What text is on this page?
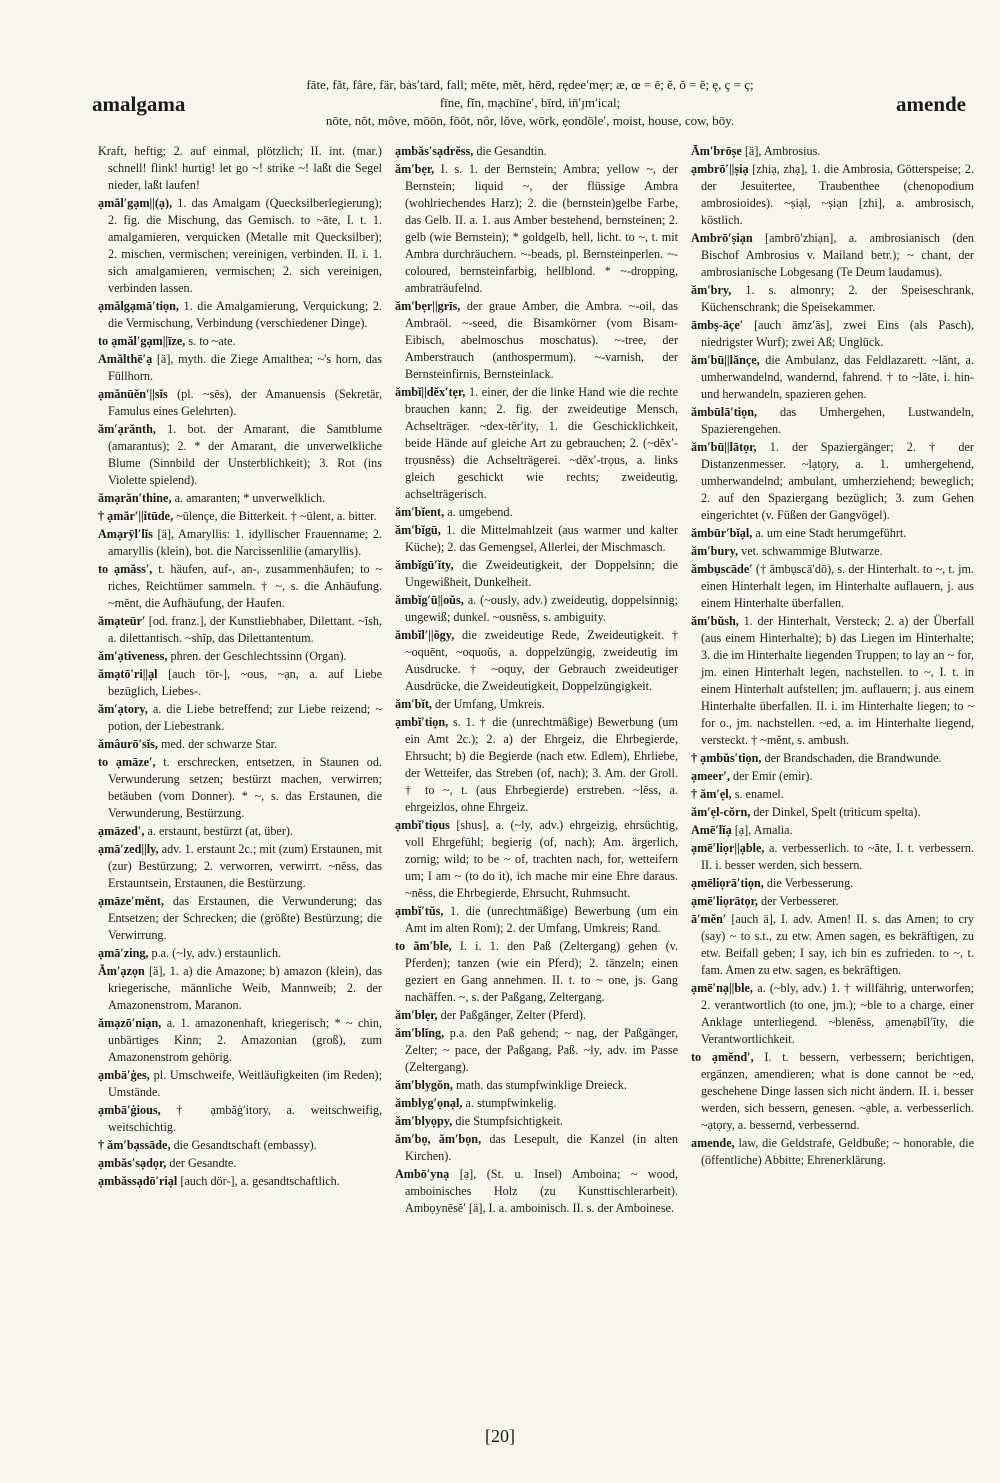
amalgama
fāte, făt, fâre, fär, bȧs′tard, fall; mēte, mĕt, hērd, rędee′mẹr; æ, œ = ē; ĕ, ŏ = ĕ; ę, ç = ç;
fīne, fĭn, mạchīne′, bīrd, in̄′ȷm′ical;
nōte, nŏt, môve, mōōn, fōōt, nôr, lŏve, wōrk, ẹondōle′, moist, house, cow, bōy.
amende
Kraft, heftig; 2. auf einmal, plötzlich; II. int. (mar.) schnell! flink! hurtig! let go ~! strike ~! laßt die Segel nieder, laßt laufen!
ạmăl′gạm||(ạ), 1. das Amalgam (Quecksilberlegierung); 2. fig. die Mischung, das Gemisch. to ~āte, I. t. 1. amalgamieren, verquicken (Metalle mit Quecksilber); 2. mischen, vermischen; vereinigen, verbinden. II. i. 1. sich amalgamieren, vermischen; 2. sich vereinigen, verbinden lassen.
ạmălgạmā′tiọn, 1. die Amalgamierung, Verquickung; 2. die Vermischung, Verbindung (verschiedener Dinge).
to ạmăl′gạm||īze, s. to ~ate.
Amălthē′ạ [ä], myth. die Ziege Amalthea; ~'s horn, das Füllhorn.
ạmănūĕn′||sĭs (pl. ~sēs), der Amanuensis (Sekretär, Famulus eines Gelehrten).
ăm′ạrănth, 1. bot. der Amarant, die Samtblume (amarantus); 2. * der Amarant, die unverwelkliche Blume (Sinnbild der Unsterblichkeit); 3. Rot (ins Violette spielend).
ămạrăn′thine, a. amaranten; * unverwelklich.
† ạmăr′||itūde, ~ūlençe, die Bitterkeit. † ~ūlent, a. bitter.
Amạrȳl′lĭs [ä], Amaryllis: 1. idyllischer Frauenname; 2. amaryllis (klein), bot. die Narcissenlilie (amaryllis).
to ạmăss′, t. häufen, auf-, an-, zusammenhäufen; to ~ riches, Reichtümer sammeln. † ~, s. die Anhäufung. ~mĕnt, die Aufhäufung, der Haufen.
ămạteūr′ [od. franz.], der Kunstliebhaber, Dilettant. ~ĭsh, a. dilettantisch. ~shĭp, das Dilettantentum.
ăm′ạtiveness, phren. der Geschlechtssinn (Organ).
ămạtō′ri||ạl [auch tör-], ~ous, ~ạn, a. auf Liebe bezüglich, Liebes-.
ăm′ạtory, a. die Liebe betreffend; zur Liebe reizend; ~ potion, der Liebestrank.
ămâurō′sĭs, med. der schwarze Star.
to ạmāze′, t. erschrecken, entsetzen, in Staunen od. Verwunderung setzen; bestürzt machen, verwirren; betäuben (vom Donner). * ~, s. das Erstaunen, die Verwunderung, Bestürzung.
ạmāzed′, a. erstaunt, bestürzt (at, über).
ạmā′zed||ly, adv. 1. erstaunt 2c.; mit (zum) Erstaunen, mit (zur) Bestürzung; 2. verworren, verwirrt. ~nĕss, das Erstauntsein, Erstaunen, die Bestürzung.
ạmāze′mĕnt, das Erstaunen, die Verwunderung; das Entsetzen; der Schrecken; die (größte) Bestürzung; die Verwirrung.
ạmā′zing, p.a. (~ly, adv.) erstaunlich.
Ăm′ạzọn [ä], 1. a) die Amazone; b) amazon (klein), das kriegerische, männliche Weib, Mannweib; 2. der Amazonenstrom, Maranon.
ămạzō′niạn, a. 1. amazonenhaft, kriegerisch; * ~ chin, unbärtiges Kinn; 2. Amazonian (groß), zum Amazonenstrom gehörig.
ạmbā′ġes, pl. Umschweife, Weitläufigkeiten (im Reden); Umstände.
ạmbā′ġious, † ạmbăġ′itory, a. weitschweifig, weitschichtig.
† ăm′bạssāde, die Gesandtschaft (embassy).
ạmbăs′sạdọr, der Gesandte.
ạmbăssạdō′riạl [auch dör-], a. gesandtschaftlich.
ạmbăs′sạdrĕss, die Gesandtin.
ăm′bẹr, I. s. 1. der Bernstein; Ambra; yellow ~, der Bernstein; liquid ~, der flüssige Ambra (wohlriechendes Harz); 2. die (bernstein)gelbe Farbe, das Gelb. II. a. 1. aus Amber bestehend, bernsteinen; 2. gelb (wie Bernstein); * goldgelb, hell, licht. to ~, t. mit Ambra durchräuchern. ~-beads, pl. Bernsteinperlen. ~-coloured, bernsteinfarbig, hellblond. * ~-dropping, ambraträufelnd.
ăm′bẹr||grīs, der graue Amber, die Ambra. ~-oil, das Ambraöl. ~-seed, die Bisamkörner (vom Bisam-Eibisch, abelmoschus moschatus). ~-tree, der Amberstrauch (anthospermum). ~-varnish, der Bernsteinfirnis, Bernsteinlack.
ămbĭ||dĕx′tẹr, 1. einer, der die linke Hand wie die rechte brauchen kann; 2. fig. der zweideutige Mensch, Achselträger. ~dex-tĕr′ity, 1. die Geschicklichkeit, beide Hände auf gleiche Art zu gebrauchen; 2. (~dĕx′-trọusnĕss) die Achselträgerei. ~dĕx′-trọus, a. links gleich geschickt wie rechts; zweideutig, achselträgerisch.
ăm′bĭent, a. umgebend.
ăm′bĭgū, 1. die Mittelmahlzeit (aus warmer und kalter Küche); 2. das Gemengsel, Allerlei, der Mischmasch.
ămbĭgū′ĭty, die Zweideutigkeit, der Doppelsinn; die Ungewißheit, Dunkelheit.
ămbĭg′ū||oŭs, a. (~ously, adv.) zweideutig, doppelsinnig; ungewiß; dunkel. ~ousnĕss, s. ambiguity.
ămbĭl′||ŏgy, die zweideutige Rede, Zweideutigkeit. † ~oquēnt, ~oquoŭs, a. doppelzüngig, zweideutig im Ausdrucke. † ~oquy, der Gebrauch zweideutiger Ausdrücke, die Zweideutigkeit, Doppelzüngigkeit.
ăm′bĭt, der Umfang, Umkreis.
ạmbĭ′tiọn, s. 1. † die (unrechtmäßige) Bewerbung (um ein Amt 2c.); 2. a) der Ehrgeiz, die Ehrbegierde, Ehrsucht; b) die Begierde (nach etw. Edlem), Ehrliebe, der Wetteifer, das Streben (of, nach); 3. Am. der Groll. † to ~, t. (aus Ehrbegierde) erstreben. ~lĕss, a. ehrgeizlos, ohne Ehrgeiz.
ạmbĭ′tiọus [shus], a. (~ly, adv.) ehrgeizig, ehrsüchtig, voll Ehrgefühl; begierig (of, nach); Am. ärgerlich, zornig; wild; to be ~ of, trachten nach, for, wetteifern um; I am ~ (to do it), ich mache mir eine Ehre daraus. ~nĕss, die Ehrbegierde, Ehrsucht, Ruhmsucht.
ạmbĭ′tŭs, 1. die (unrechtmäßige) Bewerbung (um ein Amt im alten Rom); 2. der Umfang, Umkreis; Rand.
to ăm′ble, I. i. 1. den Paß (Zeltergang) gehen (v. Pferden); tanzen (wie ein Pferd); 2. tänzeln; einen geziert en Gang annehmen. II. t. to ~ one, js. Gang nachäffen. ~, s. der Paßgang, Zeltergang.
ăm′blẹr, der Paßgänger, Zelter (Pferd).
ăm′blĭng, p.a. den Paß gehend; ~ nag, der Paßgänger, Zelter; ~ pace, der Paßgang, Paß. ~ly, adv. im Passe (Zeltergang).
ăm′blygŏn, math. das stumpfwinklige Dreieck.
ămblyg′ọnạl, a. stumpfwinkelig.
ăm′blyọpy, die Stumpfsichtigkeit.
ăm′bọ, ăm′bọn, das Lesepult, die Kanzel (in alten Kirchen).
Ambō′ynạ [ạ], (St. u. Insel) Amboina; ~ wood, amboinisches Holz (zu Kunsttischlerarbeit). Ambọynēsĕ′ [ä], I. a. amboinisch. II. s. der Amboinese.
Ām′brōṣe [ä], Ambrosius.
ạmbrō′||ṣiạ [zhiạ, zhạ], 1. die Ambrosia, Götterspeise; 2. der Jesuitertee, Traubenthee (chenopodium ambrosioides). ~ṣiạl, ~ṣiạn [zhi], a. ambrosisch, köstlich.
Ambrō′ṣiạn [ambrō′zhiạn], a. ambrosianisch (den Bischof Ambrosius v. Mailand betr.); ~ chant, der ambrosianische Lobgesang (Te Deum laudamus).
ăm′bry, 1. s. almonry; 2. der Speiseschrank, Küchenschrank; die Speisekammer.
āmbṣ-āçe′ [auch āmz′ās], zwei Eins (als Pasch), niedrigster Wurf); zwei Aß; Unglück.
ăm′bū||lănçe, die Ambulanz, das Feldlazarett. ~lănt, a. umherwandelnd, wandernd, fahrend. † to ~lāte, i. hin- und herwandeln, spazieren gehen.
ămbūlā′tiọn, das Umhergehen, Lustwandeln, Spazierengehen.
ăm′bū||lātọr, 1. der Spaziergänger; 2. † der Distanzenmesser. ~lạtọry, a. 1. umhergehend, umherwandelnd; ambulant, umherziehend; beweglich; 2. auf den Spaziergang bezüglich; 3. zum Gehen eingerichtet (v. Füßen der Gangvögel).
ămbūr′bĭạl, a. um eine Stadt herumgeführt.
ăm′bury, vet. schwammige Blutwarze.
ămbụscāde′ († ămbụscā′dō), s. der Hinterhalt. to ~, t. jm. einen Hinterhalt legen, im Hinterhalte auflauern, j. aus einem Hinterhalte überfallen.
ăm′bŭsh, 1. der Hinterhalt, Versteck; 2. a) der Überfall (aus einem Hinterhalte); b) das Liegen im Hinterhalte; 3. die im Hinterhalte liegenden Truppen; to lay an ~ for, jm. einen Hinterhalt legen, nachstellen. to ~, I. t. in einem Hinterhalt aufstellen; jm. auflauern; j. aus einem Hinterhalte überfallen. II. i. im Hinterhalte liegen; to ~ for o., jm. nachstellen. ~ed, a. im Hinterhalte liegend, versteckt. † ~mĕnt, s. ambush.
† ạmbŭs′tiọn, der Brandschaden, die Brandwunde.
ạmeer′, der Emir (emir).
† ăm′ẹl, s. enamel.
ăm′ẹl-cŏrn, der Dinkel, Spelt (triticum spelta).
Amē′lĭạ [ạ], Amalia.
ạmē′liọr||ạble, a. verbesserlich. to ~āte, I. t. verbessern. II. i. besser werden, sich bessern.
ạmēliọrā′tiọn, die Verbesserung.
ạmē′liọrātọr, der Verbesserer.
ā′mĕn′ [auch ä], I. adv. Amen! II. s. das Amen; to cry (say) ~ to s.t., zu etw. Amen sagen, es bekräftigen, zu etw. Beifall geben; I say, ich bin es zufrieden. to ~, t. fam. Amen zu etw. sagen, es bekräftigen.
ạmē′nạ||ble, a. (~bly, adv.) 1. † willfährig, unterworfen; 2. verantwortlich (to one, jm.); ~ble to a charge, einer Anklage unterliegend. ~blenĕss, ạmenạbĭl′ĭty, die Verantwortlichkeit.
to ạmĕnd′, I. t. bessern, verbessern; berichtigen, ergänzen, amendieren; what is done cannot be ~ed, geschehene Dinge lassen sich nicht ändern. II. i. besser werden, sich bessern, genesen. ~ạble, a. verbesserlich. ~ạtọry, a. bessernd, verbessernd.
amende, law, die Geldstrafe, Geldbuße; ~ honorable, die (öffentliche) Abbitte; Ehrenerklärung.
[20]
